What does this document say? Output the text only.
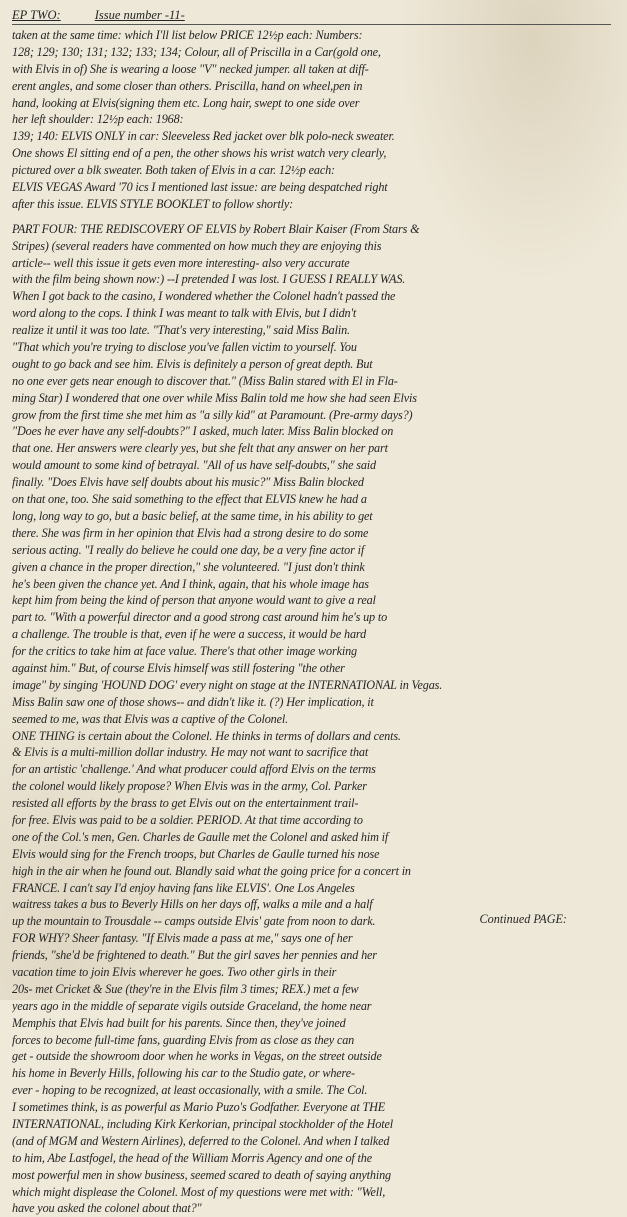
EP TWO:	Issue number -11-
taken at the same time: which I'll list below PRICE 12½p each: Numbers:
128; 129; 130; 131; 132; 133; 134; Colour, all of Priscilla in a Car(gold one,
with Elvis in of) She is wearing a loose "V" necked jumper. all taken at diff-
erent angles, and some closer than others. Priscilla, hand on wheel,pen in
hand, looking at Elvis(signing them etc. Long hair, swept to one side over
her left shoulder: 12½p each: 1968:
139; 140: ELVIS ONLY in car: Sleeveless Red jacket over blk polo-neck sweater.
One shows El sitting end of a pen, the other shows his wrist watch very clearly,
pictured over a blk sweater. Both taken of Elvis in a car. 12½p each:
ELVIS VEGAS Award '70 ics I mentioned last issue: are being despatched right
after this issue. ELVIS STYLE BOOKLET to follow shortly:
PART FOUR: THE REDISCOVERY OF ELVIS by Robert Blair Kaiser (From Stars &
Stripes) (several readers have commented on how much they are enjoying this
article-- well this issue it gets even more interesting- also very accurate
with the film being shown now:) --I pretended I was lost. I GUESS I REALLY WAS.
When I got back to the casino, I wondered whether the Colonel hadn't passed the
word along to the cops. I think I was meant to talk with Elvis, but I didn't
realize it until it was too late. "That's very interesting," said Miss Balin.
"That which you're trying to disclose you've fallen victim to yourself. You
ought to go back and see him. Elvis is definitely a person of great depth. But
no one ever gets near enough to discover that." (Miss Balin stared with El in Fla-
ming Star) I wondered that one over while Miss Balin told me how she had seen Elvis
grow from the first time she met him as "a silly kid" at Paramount. (Pre-army days?)
"Does he ever have any self-doubts?" I asked, much later. Miss Balin blocked on
that one. Her answers were clearly yes, but she felt that any answer on her part
would amount to some kind of betrayal. "All of us have self-doubts," she said
finally. "Does Elvis have self doubts about his music?" Miss Balin blocked
on that one, too. She said something to the effect that ELVIS knew he had a
long, long way to go, but a basic belief, at the same time, in his ability to get
there. She was firm in her opinion that Elvis had a strong desire to do some
serious acting. "I really do believe he could one day, be a very fine actor if
given a chance in the proper direction," she volunteered. "I just don't think
he's been given the chance yet. And I think, again, that his whole image has
kept him from being the kind of person that anyone would want to give a real
part to. "With a powerful director and a good strong cast around him he's up to
a challenge. The trouble is that, even if he were a success, it would be hard
for the critics to take him at face value. There's that other image working
against him." But, of course Elvis himself was still fostering "the other
image" by singing 'HOUND DOG' every night on stage at the INTERNATIONAL in Vegas.
Miss Balin saw one of those shows-- and didn't like it. (?) Her implication, it
seemed to me, was that Elvis was a captive of the Colonel.
ONE THING is certain about the Colonel. He thinks in terms of dollars and cents.
& Elvis is a multi-million dollar industry. He may not want to sacrifice that
for an artistic 'challenge.' And what producer could afford Elvis on the terms
the colonel would likely propose? When Elvis was in the army, Col. Parker
resisted all efforts by the brass to get Elvis out on the entertainment trail-
for free. Elvis was paid to be a soldier. PERIOD. At that time according to
one of the Col.'s men, Gen. Charles de Gaulle met the Colonel and asked him if
Elvis would sing for the French troops, but Charles de Gaulle turned his nose
high in the air when he found out. Blandly said what the going price for a concert in
FRANCE. I can't say I'd enjoy having fans like ELVIS'. One Los Angeles
waitress takes a bus to Beverly Hills on her days off, walks a mile and a half
up the mountain to Trousdale -- camps outside Elvis' gate from noon to dark.
FOR WHY? Sheer fantasy. "If Elvis made a pass at me," says one of her
friends, "she'd be frightened to death." But the girl saves her pennies and her
vacation time to join Elvis wherever he goes. Two other girls in their
20s- met Cricket & Sue (they're in the Elvis film 3 times; REX.) met a few
years ago in the middle of separate vigils outside Graceland, the home near
Memphis that Elvis had built for his parents. Since then, they've joined
forces to become full-time fans, guarding Elvis from as close as they can
get - outside the showroom door when he works in Vegas, on the street outside
his home in Beverly Hills, following his car to the Studio gate, or where-
ever - hoping to be recognized, at least occasionally, with a smile. The Col.
I sometimes think, is as powerful as Mario Puzo's Godfather. Everyone at THE
INTERNATIONAL, including Kirk Kerkorian, principal stockholder of the Hotel
(and of MGM and Western Airlines), deferred to the Colonel. And when I talked
to him, Abe Lastfogel, the head of the William Morris Agency and one of the
most powerful men in show business, seemed scared to death of saying anything
which might displease the Colonel. Most of my questions were met with: "Well,
have you asked the colonel about that?"
Continued PAGE:
